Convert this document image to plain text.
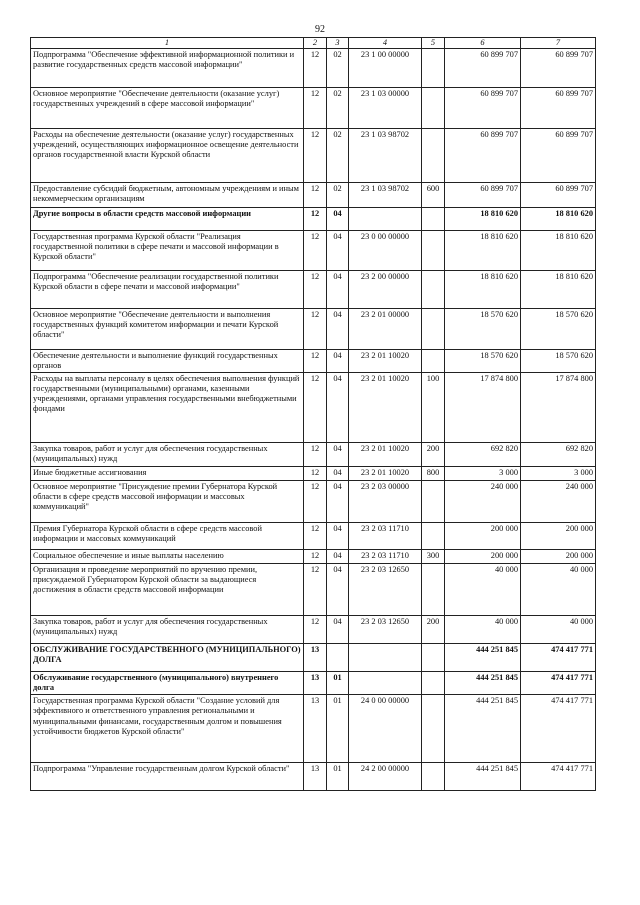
92
1	2	3	4	5	6	7
Подпрограмма "Обеспечение эффективной информационной политики и развитие государственных средств массовой информации"	12	02	23 1 00 00000		60 899 707	60 899 707
Основное мероприятие "Обеспечение деятельности (оказание услуг) государственных учреждений в сфере массовой информации"	12	02	23 1 03 00000		60 899 707	60 899 707
Расходы на обеспечение деятельности (оказание услуг) государственных учреждений, осуществляющих информационное освещение деятельности органов государственной власти Курской области	12	02	23 1 03 98702		60 899 707	60 899 707
Предоставление субсидий бюджетным, автономным учреждениям и иным некоммерческим организациям	12	02	23 1 03 98702	600	60 899 707	60 899 707
Другие вопросы в области средств массовой информации	12	04			18 810 620	18 810 620
Государственная программа Курской области "Реализация государственной политики в сфере печати и массовой информации в Курской области"	12	04	23 0 00 00000		18 810 620	18 810 620
Подпрограмма "Обеспечение реализации государственной политики Курской области в сфере печати и массовой информации"	12	04	23 2 00 00000		18 810 620	18 810 620
Основное мероприятие "Обеспечение деятельности и выполнения государственных функций комитетом информации и печати Курской области"	12	04	23 2 01 00000		18 570 620	18 570 620
Обеспечение деятельности и выполнение функций государственных органов	12	04	23 2 01 10020		18 570 620	18 570 620
Расходы на выплаты персоналу в целях обеспечения выполнения функций государственными (муниципальными) органами, казенными учреждениями, органами управления государственными внебюджетными фондами	12	04	23 2 01 10020	100	17 874 800	17 874 800
Закупка товаров, работ и услуг для обеспечения государственных (муниципальных) нужд	12	04	23 2 01 10020	200	692 820	692 820
Иные бюджетные ассигнования	12	04	23 2 01 10020	800	3 000	3 000
Основное мероприятие "Присуждение премии Губернатора Курской области в сфере средств массовой информации и массовых коммуникаций"	12	04	23 2 03 00000		240 000	240 000
Премия Губернатора Курской области в сфере средств массовой информации и массовых коммуникаций	12	04	23 2 03 11710		200 000	200 000
Социальное обеспечение и иные выплаты населению	12	04	23 2 03 11710	300	200 000	200 000
Организация и проведение мероприятий по вручению премии, присуждаемой Губернатором Курской области за выдающиеся достижения в области средств массовой информации	12	04	23 2 03 12650		40 000	40 000
Закупка товаров, работ и услуг для обеспечения государственных (муниципальных) нужд	12	04	23 2 03 12650	200	40 000	40 000
ОБСЛУЖИВАНИЕ ГОСУДАРСТВЕННОГО (МУНИЦИПАЛЬНОГО) ДОЛГА	13				444 251 845	474 417 771
Обслуживание государственного (муниципального) внутреннего долга	13	01			444 251 845	474 417 771
Государственная программа Курской области "Создание условий для эффективного и ответственного управления региональными и муниципальными финансами, государственным долгом и повышения устойчивости бюджетов Курской области"	13	01	24 0 00 00000		444 251 845	474 417 771
Подпрограмма "Управление государственным долгом Курской области"	13	01	24 2 00 00000		444 251 845	474 417 771
